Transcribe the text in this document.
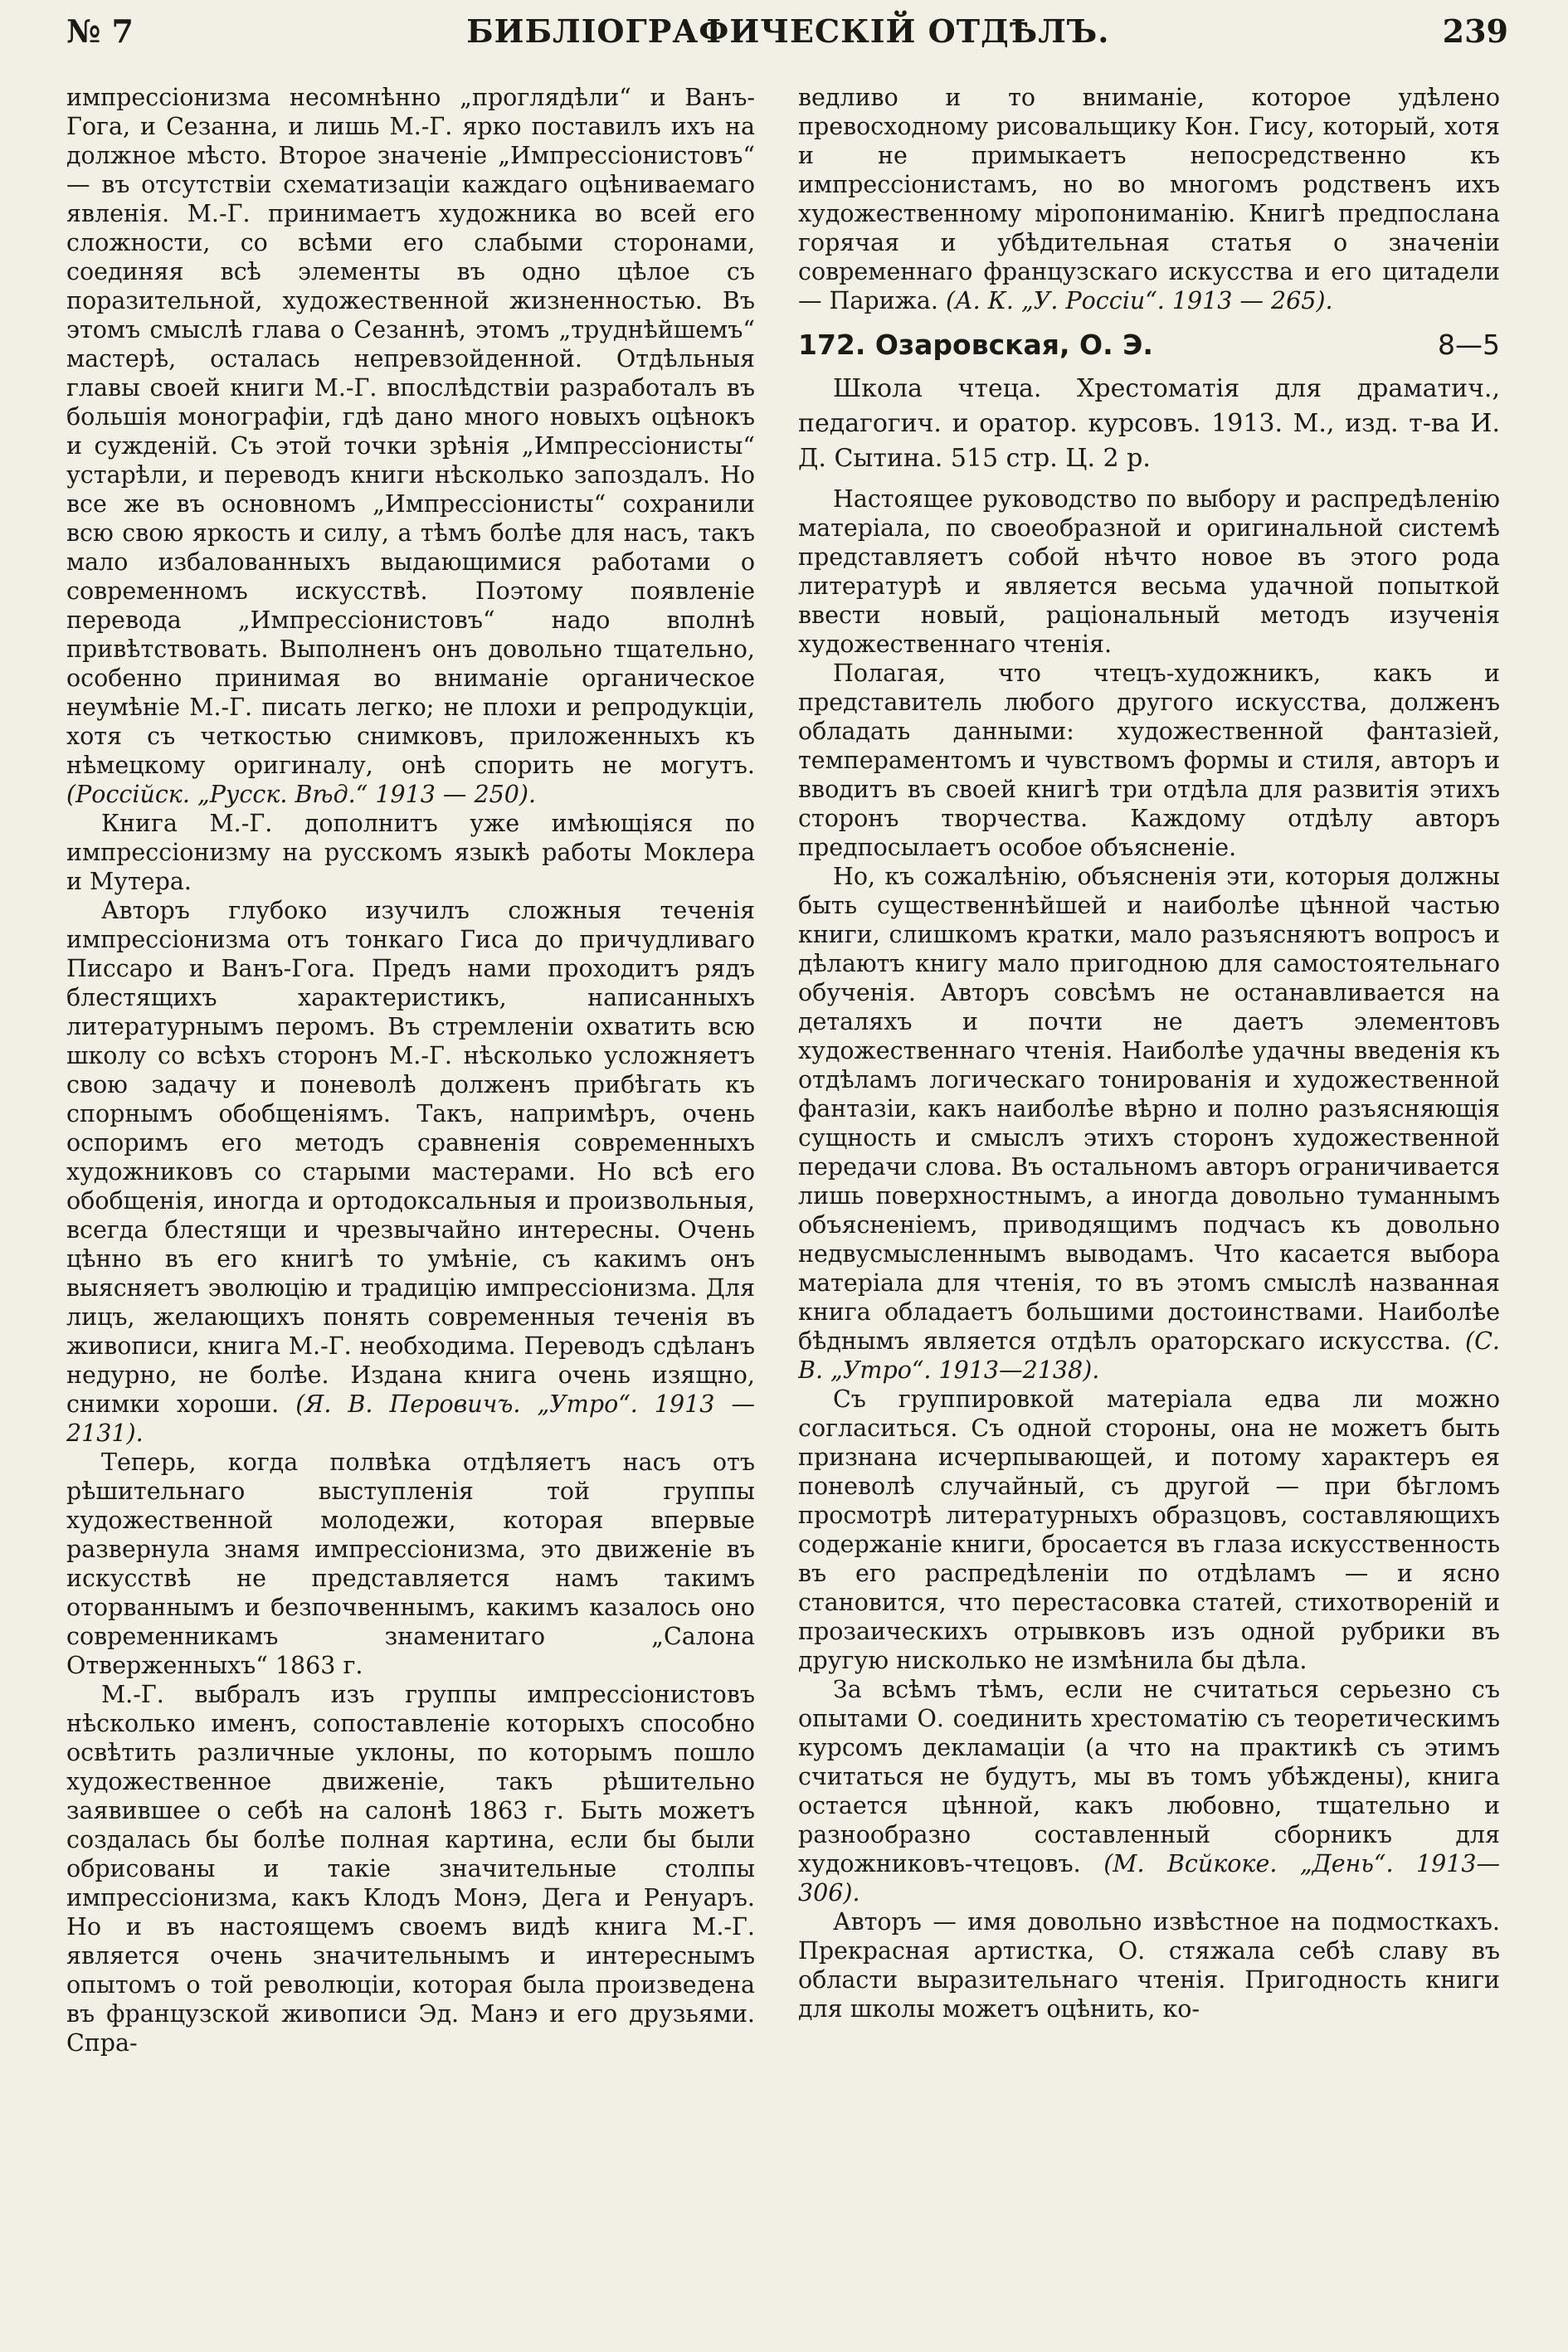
№ 7	БИБЛІОГРАФИЧЕСКІЙ ОТДѢЛЪ.	239

импрессіонизма несомнѣнно „проглядѣли“ и Ванъ-Гога, и Сезанна, и лишь М.-Г. ярко поставилъ ихъ на должное мѣсто. Второе значеніе „Импрессіонистовъ“ — въ отсутствіи схематизаціи каждаго оцѣниваемаго явленія. М.-Г. принимаетъ художника во всей его сложности, со всѣми его слабыми сторонами, соединяя всѣ элементы въ одно цѣлое съ поразительной, художественной жизненностью. Въ этомъ смыслѣ глава о Сезаннѣ, этомъ „труднѣйшемъ“ мастерѣ, осталась непревзойденной. Отдѣльныя главы своей книги М.-Г. впослѣдствіи разработалъ въ большія монографіи, гдѣ дано много новыхъ оцѣнокъ и сужденій. Съ этой точки зрѣнія „Импрессіонисты“ устарѣли, и переводъ книги нѣсколько запоздалъ. Но все же въ основномъ „Импрессіонисты“ сохранили всю свою яркость и силу, а тѣмъ болѣе для насъ, такъ мало избалованныхъ выдающимися работами о современномъ искусствѣ. Поэтому появленіе перевода „Импрессіонистовъ“ надо вполнѣ привѣтствовать. Выполненъ онъ довольно тщательно, особенно принимая во вниманіе органическое неумѣніе М.-Г. писать легко; не плохи и репродукціи, хотя съ четкостью снимковъ, приложенныхъ къ нѣмецкому оригиналу, онѣ спорить не могутъ. (Россійск. „Русск. Вѣд.“ 1913 — 250).

Книга М.-Г. дополнитъ уже имѣющіяся по импрессіонизму на русскомъ языкѣ работы Моклера и Мутера.

Авторъ глубоко изучилъ сложныя теченія импрессіонизма отъ тонкаго Гиса до причудливаго Писсаро и Ванъ-Гога. Предъ нами проходитъ рядъ блестящихъ характеристикъ, написанныхъ литературнымъ перомъ. Въ стремленіи охватить всю школу со всѣхъ сторонъ М.-Г. нѣсколько усложняетъ свою задачу и поневолѣ долженъ прибѣгать къ спорнымъ обобщеніямъ. Такъ, напримѣръ, очень оспоримъ его методъ сравненія современныхъ художниковъ со старыми мастерами. Но всѣ его обобщенія, иногда и ортодоксальныя и произвольныя, всегда блестящи и чрезвычайно интересны. Очень цѣнно въ его книгѣ то умѣніе, съ какимъ онъ выясняетъ эволюцію и традицію импрессіонизма. Для лицъ, желающихъ понять современныя теченія въ живописи, книга М.-Г. необходима. Переводъ сдѣланъ недурно, не болѣе. Издана книга очень изящно, снимки хороши. (Я. В. Перовичъ. „Утро“. 1913 — 2131).

Теперь, когда полвѣка отдѣляетъ насъ отъ рѣшительнаго выступленія той группы художественной молодежи, которая впервые развернула знамя импрессіонизма, это движеніе въ искусствѣ не представляется намъ такимъ оторваннымъ и безпочвеннымъ, какимъ казалось оно современникамъ знаменитаго „Салона Отверженныхъ“ 1863 г.

М.-Г. выбралъ изъ группы импрессіонистовъ нѣсколько именъ, сопоставленіе которыхъ способно освѣтить различные уклоны, по которымъ пошло художественное движеніе, такъ рѣшительно заявившее о себѣ на салонѣ 1863 г. Быть можетъ создалась бы болѣе полная картина, если бы были обрисованы и такіе значительные столпы импрессіонизма, какъ Клодъ Монэ, Дега и Ренуаръ. Но и въ настоящемъ своемъ видѣ книга М.-Г. является очень значительнымъ и интереснымъ опытомъ о той революціи, которая была произведена въ французской живописи Эд. Манэ и его друзьями. Спра-

ведливо и то вниманіе, которое удѣлено превосходному рисовальщику Кон. Гису, который, хотя и не примыкаетъ непосредственно къ импрессіонистамъ, но во многомъ родственъ ихъ художественному міропониманію. Книгѣ предпослана горячая и убѣдительная статья о значеніи современнаго французскаго искусства и его цитадели — Парижа. (А. К. „У. Россіи“. 1913 — 265).

172. Озаровская, О. Э.	8—5
Школа чтеца. Хрестоматія для драматич., педагогич. и оратор. курсовъ. 1913. М., изд. т-ва И. Д. Сытина. 515 стр. Ц. 2 р.

Настоящее руководство по выбору и распредѣленію матеріала, по своеобразной и оригинальной системѣ представляетъ собой нѣчто новое въ этого рода литературѣ и является весьма удачной попыткой ввести новый, раціональный методъ изученія художественнаго чтенія.

Полагая, что чтецъ-художникъ, какъ и представитель любого другого искусства, долженъ обладать данными: художественной фантазіей, темпераментомъ и чувствомъ формы и стиля, авторъ и вводитъ въ своей книгѣ три отдѣла для развитія этихъ сторонъ творчества. Каждому отдѣлу авторъ предпосылаетъ особое объясненіе.

Но, къ сожалѣнію, объясненія эти, которыя должны быть существеннѣйшей и наиболѣе цѣнной частью книги, слишкомъ кратки, мало разъясняютъ вопросъ и дѣлаютъ книгу мало пригодною для самостоятельнаго обученія. Авторъ совсѣмъ не останавливается на деталяхъ и почти не даетъ элементовъ художественнаго чтенія. Наиболѣе удачны введенія къ отдѣламъ логическаго тонированія и художественной фантазіи, какъ наиболѣе вѣрно и полно разъясняющія сущность и смыслъ этихъ сторонъ художественной передачи слова. Въ остальномъ авторъ ограничивается лишь поверхностнымъ, а иногда довольно туманнымъ объясненіемъ, приводящимъ подчасъ къ довольно недвусмысленнымъ выводамъ. Что касается выбора матеріала для чтенія, то въ этомъ смыслѣ названная книга обладаетъ большими достоинствами. Наиболѣе бѣднымъ является отдѣлъ ораторскаго искусства. (С. В. „Утро“. 1913—2138).

Съ группировкой матеріала едва ли можно согласиться. Съ одной стороны, она не можетъ быть признана исчерпывающей, и потому характеръ ея поневолѣ случайный, съ другой — при бѣгломъ просмотрѣ литературныхъ образцовъ, составляющихъ содержаніе книги, бросается въ глаза искусственность въ его распредѣленіи по отдѣламъ — и ясно становится, что перестасовка статей, стихотвореній и прозаическихъ отрывковъ изъ одной рубрики въ другую нисколько не измѣнила бы дѣла.

За всѣмъ тѣмъ, если не считаться серьезно съ опытами О. соединить хрестоматію съ теоретическимъ курсомъ декламаціи (а что на практикѣ съ этимъ считаться не будутъ, мы въ томъ убѣждены), книга остается цѣнной, какъ любовно, тщательно и разнообразно составленный сборникъ для художниковъ-чтецовъ. (М. Всйкоке. „День“. 1913—306).

Авторъ — имя довольно извѣстное на подмосткахъ. Прекрасная артистка, О. стяжала себѣ славу въ области выразительнаго чтенія. Пригодность книги для школы можетъ оцѣнить, ко-
